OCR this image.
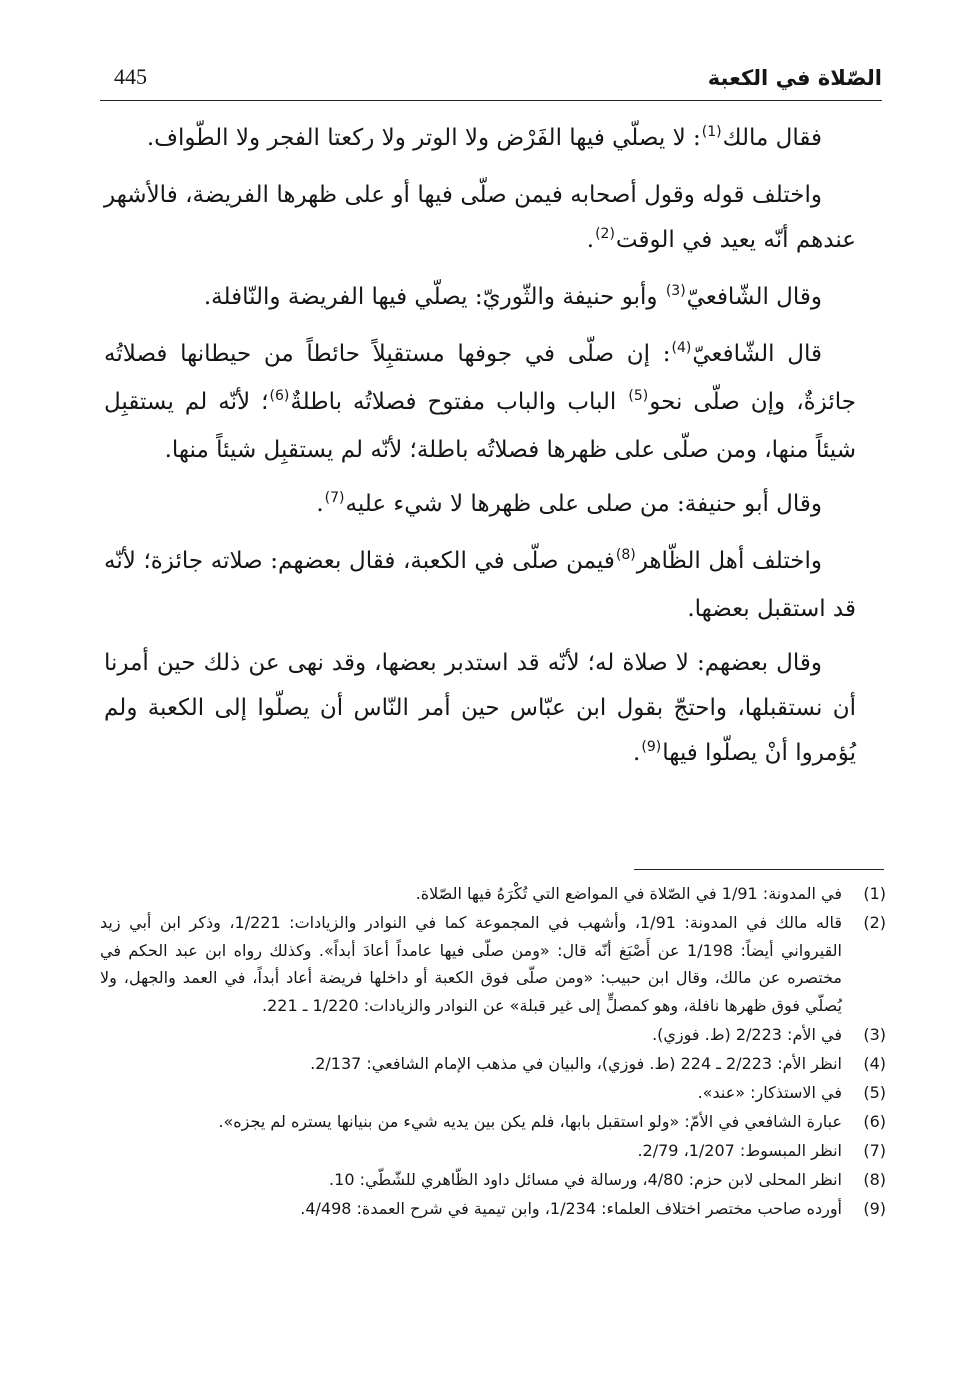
الصّلاة في الكعبة
445

فقال مالك$^{(1)}$: لا يصلّي فيها الفَرْض ولا الوتر ولا ركعتا الفجر ولا الطّواف.

واختلف قوله وقول أصحابه فيمن صلّى فيها أو على ظهرها الفريضة، فالأشهر عندهم أنّه يعيد في الوقت$^{(2)}$.

وقال الشّافعيّ$^{(3)}$ وأبو حنيفة والثّوريّ: يصلّي فيها الفريضة والنّافلة.

قال الشّافعيّ$^{(4)}$: إن صلّى في جوفها مستقبِلاً حائطاً من حيطانها فصلاتُه جائزةٌ، وإن صلّى نحو$^{(5)}$ الباب والباب مفتوح فصلاتُه باطلةٌ$^{(6)}$؛ لأنّه لم يستقبِل شيئاً منها، ومن صلّى على ظهرها فصلاتُه باطلة؛ لأنّه لم يستقبِل شيئاً منها.

وقال أبو حنيفة: من صلى على ظهرها لا شيء عليه$^{(7)}$.

واختلف أهل الظّاهر$^{(8)}$فيمن صلّى في الكعبة، فقال بعضهم: صلاته جائزة؛ لأنّه قد استقبل بعضها.

وقال بعضهم: لا صلاة له؛ لأنّه قد استدبر بعضها، وقد نهى عن ذلك حين أمرنا أن نستقبلها، واحتجّ بقول ابن عبّاس حين أمر النّاس أن يصلّوا إلى الكعبة ولم يُؤمروا أنْ يصلّوا فيها$^{(9)}$.

(1)
في المدونة: 1/91 في الصّلاة في المواضع التي تُكْرَهُ فيها الصّلاة.
(2)
قاله مالك في المدونة: 1/91، وأشهب في المجموعة كما في النوادر والزيادات: 1/221، وذكر ابن أبي زيد القيرواني أيضاً: 1/198 عن أَصْبَغ أنّه قال: «ومن صلّى فيها عامداً أعادَ أبداً». وكذلك رواه ابن عبد الحكم في مختصره عن مالك، وقال ابن حبيب: «ومن صلّى فوق الكعبة أو داخلها فريضة أعاد أبداً، في العمد والجهل، ولا يُصلّي فوق ظهرها نافلة، وهو كمصلٍّ إلى غير قبلة» عن النوادر والزيادات: 1/220 ـ 221.
(3)
في الأم: 2/223 (ط. فوزي).
(4)
انظر الأم: 2/223 ـ 224 (ط. فوزي)، والبيان في مذهب الإمام الشافعي: 2/137.
(5)
في الاستذكار: «عند».
(6)
عبارة الشافعي في الأمّ: «ولو استقبل بابها، فلم يكن بين يديه شيء من بنيانها يستره لم يجزه».
(7)
انظر المبسوط: 1/207، 2/79.
(8)
انظر المحلى لابن حزم: 4/80، ورسالة في مسائل داود الظّاهري للشّطّي: 10.
(9)
أورده صاحب مختصر اختلاف العلماء: 1/234، وابن تيمية في شرح العمدة: 4/498.
